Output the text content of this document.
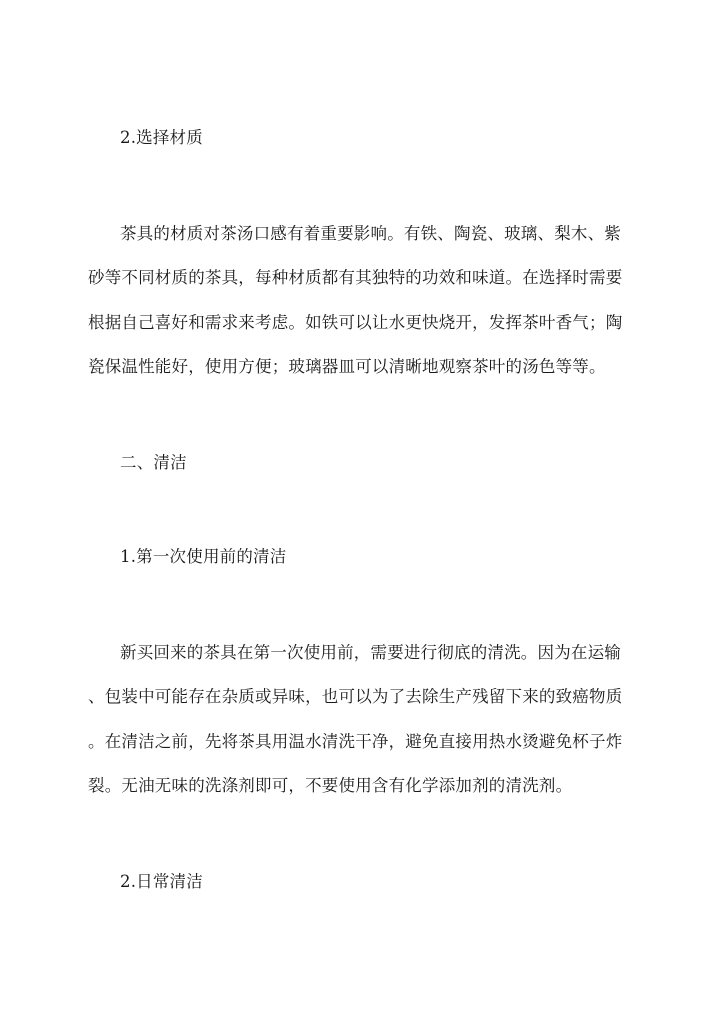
2.选择材质
茶具的材质对茶汤口感有着重要影响。有铁、陶瓷、玻璃、梨木、紫
砂等不同材质的茶具，每种材质都有其独特的功效和味道。在选择时需要
根据自己喜好和需求来考虑。如铁可以让水更快烧开，发挥茶叶香气；陶
瓷保温性能好，使用方便；玻璃器皿可以清晰地观察茶叶的汤色等等。
二、清洁
1.第一次使用前的清洁
新买回来的茶具在第一次使用前，需要进行彻底的清洗。因为在运输
、包装中可能存在杂质或异味，也可以为了去除生产残留下来的致癌物质
。在清洁之前，先将茶具用温水清洗干净，避免直接用热水烫避免杯子炸
裂。无油无味的洗涤剂即可，不要使用含有化学添加剂的清洗剂。
2.日常清洁
